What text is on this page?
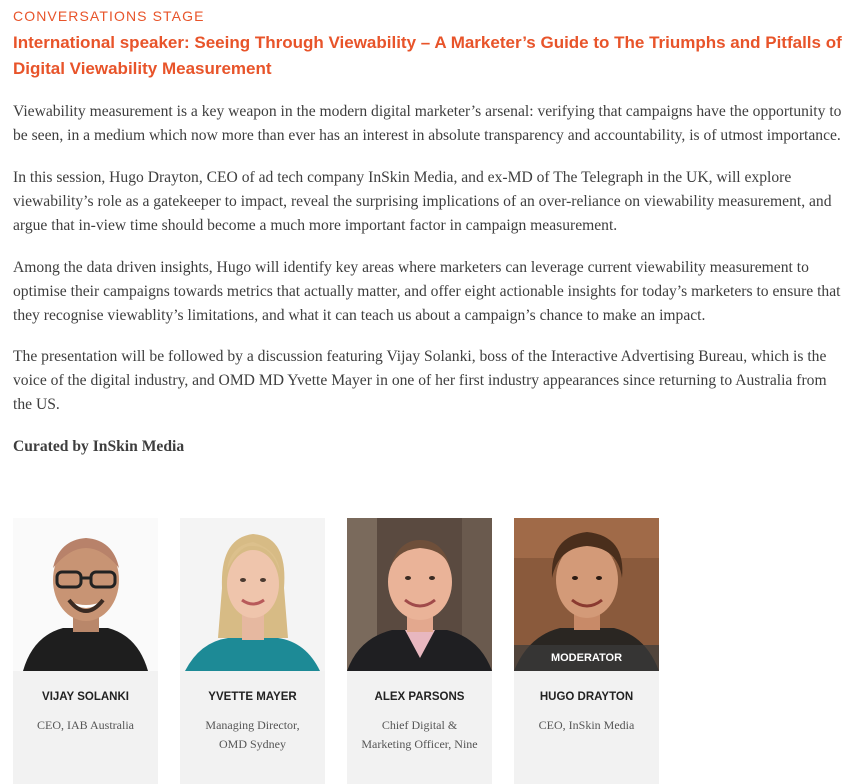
CONVERSATIONS STAGE

International speaker: Seeing Through Viewability – A Marketer’s Guide to The Triumphs and Pitfalls of Digital Viewability Measurement

Viewability measurement is a key weapon in the modern digital marketer’s arsenal: verifying that campaigns have the opportunity to be seen, in a medium which now more than ever has an interest in absolute transparency and accountability, is of utmost importance.

In this session, Hugo Drayton, CEO of ad tech company InSkin Media, and ex-MD of The Telegraph in the UK, will explore viewability’s role as a gatekeeper to impact, reveal the surprising implications of an over-reliance on viewability measurement, and argue that in-view time should become a much more important factor in campaign measurement.

Among the data driven insights, Hugo will identify key areas where marketers can leverage current viewability measurement to optimise their campaigns towards metrics that actually matter, and offer eight actionable insights for today’s marketers to ensure that they recognise viewablity’s limitations, and what it can teach us about a campaign’s chance to make an impact.

The presentation will be followed by a discussion featuring Vijay Solanki, boss of the Interactive Advertising Bureau, which is the voice of the digital industry, and OMD MD Yvette Mayer in one of her first industry appearances since returning to Australia from the US.

Curated by InSkin Media

VIJAY SOLANKI
CEO, IAB Australia
YVETTE MAYER
Managing Director, OMD Sydney
ALEX PARSONS
Chief Digital & Marketing Officer, Nine
MODERATOR
HUGO DRAYTON
CEO, InSkin Media
